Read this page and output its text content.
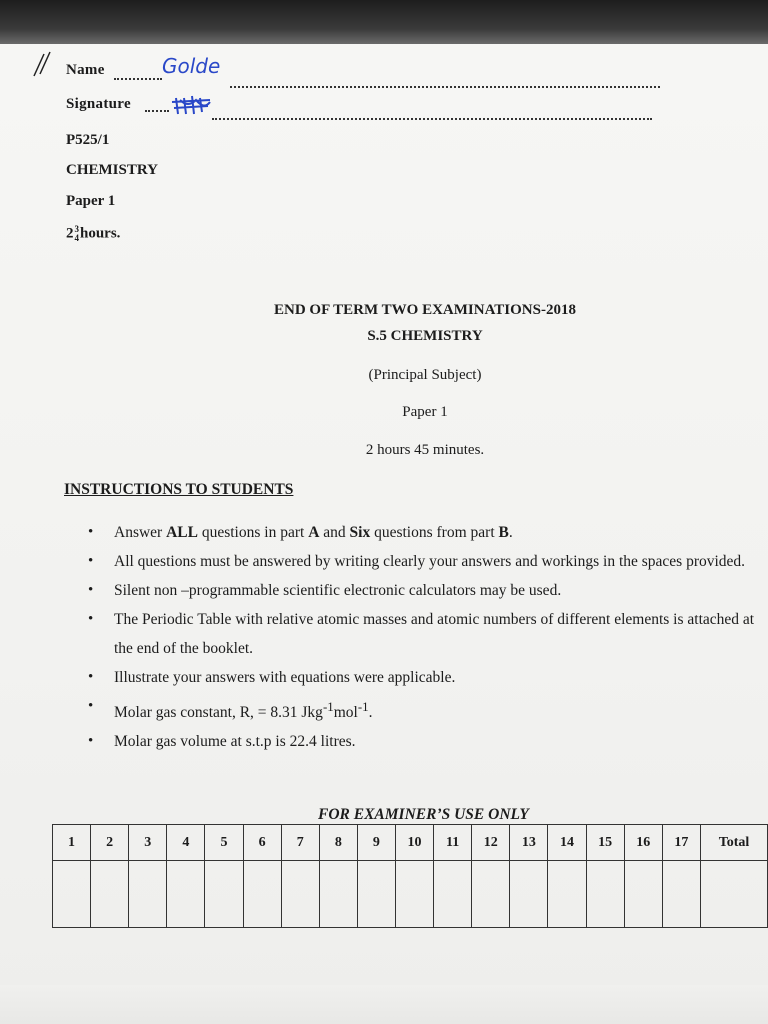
Name	Golde
Signature
P525/1
CHEMISTRY
Paper 1
2 3
4 hours.
END OF TERM TWO EXAMINATIONS-2018
S.5 CHEMISTRY
(Principal Subject)
Paper 1
2 hours 45 minutes.
INSTRUCTIONS TO STUDENTS
• Answer ALL questions in part A and Six questions from part B.
• All questions must be answered by writing clearly your answers and workings in the spaces provided.
• Silent non –programmable scientific electronic calculators may be used.
• The Periodic Table with relative atomic masses and atomic numbers of different elements is attached at the end of the booklet.
• Illustrate your answers with equations were applicable.
• Molar gas constant, R, = 8.31 Jkg$^{-1}$mol$^{-1}$.
• Molar gas volume at s.t.p is 22.4 litres.
FOR EXAMINER’S USE ONLY
1	2	3	4	5	6	7	8	9	10	11	12	13	14	15	16	17	Total
